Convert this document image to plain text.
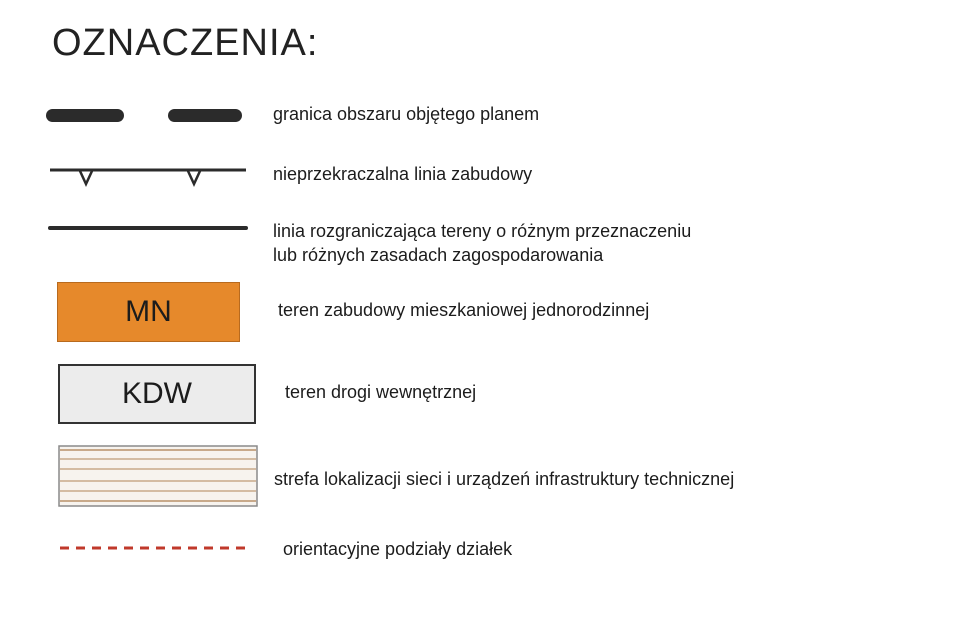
OZNACZENIA:
granica obszaru objętego planem
nieprzekraczalna linia zabudowy
linia rozgraniczająca tereny o różnym przeznaczeniu
lub różnych zasadach zagospodarowania
MN	teren zabudowy mieszkaniowej jednorodzinnej
KDW	teren drogi wewnętrznej
strefa lokalizacji sieci i urządzeń infrastruktury technicznej
orientacyjne podziały działek
